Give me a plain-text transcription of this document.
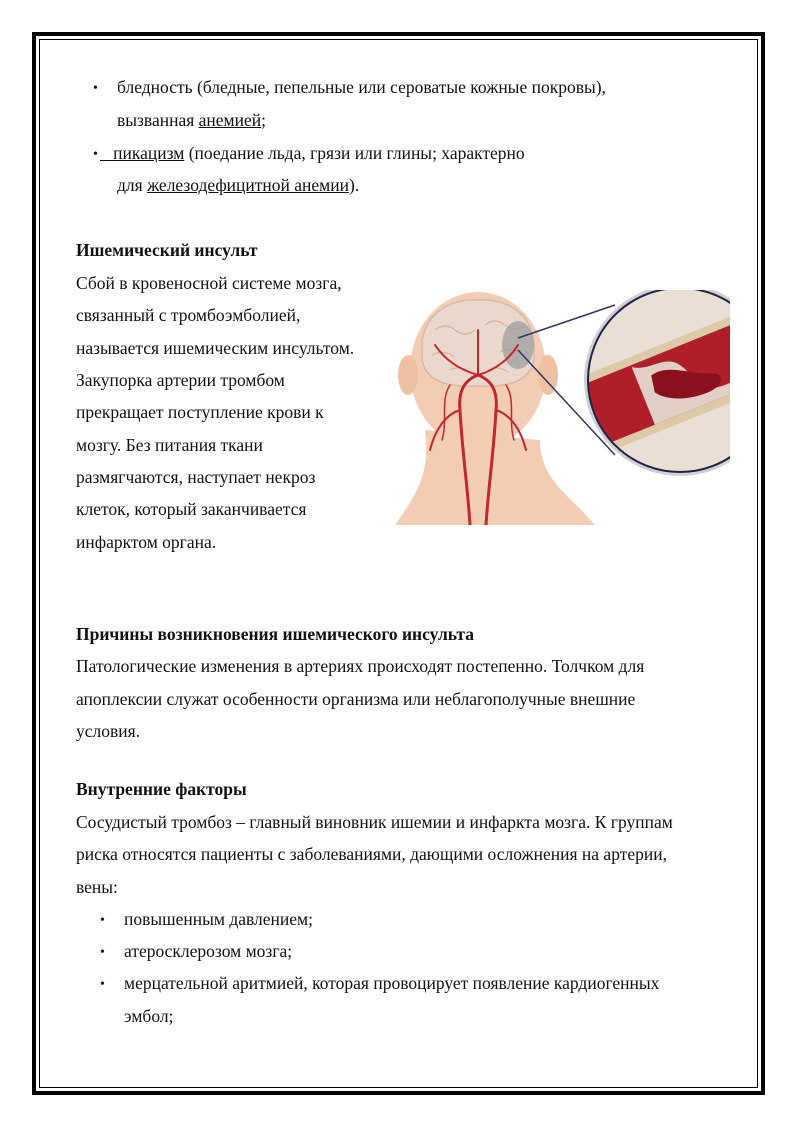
• бледность (бледные, пепельные или сероватые кожные покровы),
вызванная анемией;
• пикацизм (поедание льда, грязи или глины; характерно
для железодефицитной анемии).
Ишемический инсульт
Сбой в кровеносной системе мозга,
связанный с тромбоэмболией,
называется ишемическим инсультом.
Закупорка артерии тромбом
прекращает поступление крови к
мозгу. Без питания ткани
размягчаются, наступает некроз
клеток, который заканчивается
инфарктом органа.
Причины возникновения ишемического инсульта
Патологические изменения в артериях происходят постепенно. Толчком для
апоплексии служат особенности организма или неблагополучные внешние
условия.
Внутренние факторы
Сосудистый тромбоз – главный виновник ишемии и инфаркта мозга. К группам
риска относятся пациенты с заболеваниями, дающими осложнения на артерии,
вены:
• повышенным давлением;
• атеросклерозом мозга;
• мерцательной аритмией, которая провоцирует появление кардиогенных
эмбол;
